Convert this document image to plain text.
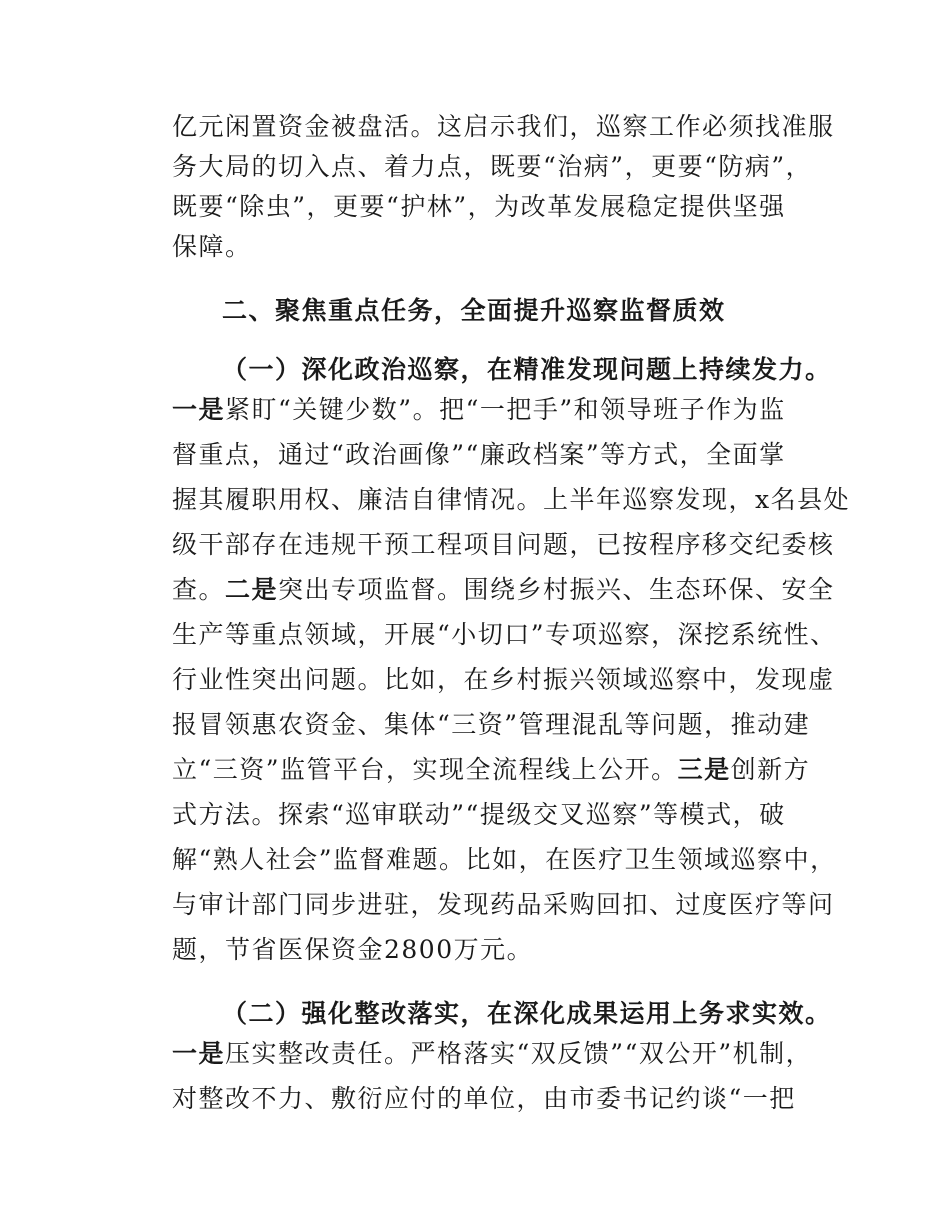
亿元闲置资金被盘活。这启示我们，巡察工作必须找准服
务大局的切入点、着力点，既要“治病”，更要“防病”，
既要“除虫”，更要“护林”，为改革发展稳定提供坚强
保障。
二、聚焦重点任务，全面提升巡察监督质效
（一）深化政治巡察，在精准发现问题上持续发力。
一是紧盯“关键少数”。把“一把手”和领导班子作为监
督重点，通过“政治画像”“廉政档案”等方式，全面掌
握其履职用权、廉洁自律情况。上半年巡察发现，x名县处
级干部存在违规干预工程项目问题，已按程序移交纪委核
查。二是突出专项监督。围绕乡村振兴、生态环保、安全
生产等重点领域，开展“小切口”专项巡察，深挖系统性、
行业性突出问题。比如，在乡村振兴领域巡察中，发现虚
报冒领惠农资金、集体“三资”管理混乱等问题，推动建
立“三资”监管平台，实现全流程线上公开。三是创新方
式方法。探索“巡审联动”“提级交叉巡察”等模式，破
解“熟人社会”监督难题。比如，在医疗卫生领域巡察中，
与审计部门同步进驻，发现药品采购回扣、过度医疗等问
题，节省医保资金2800万元。
（二）强化整改落实，在深化成果运用上务求实效。
一是压实整改责任。严格落实“双反馈”“双公开”机制，
对整改不力、敷衍应付的单位，由市委书记约谈“一把
